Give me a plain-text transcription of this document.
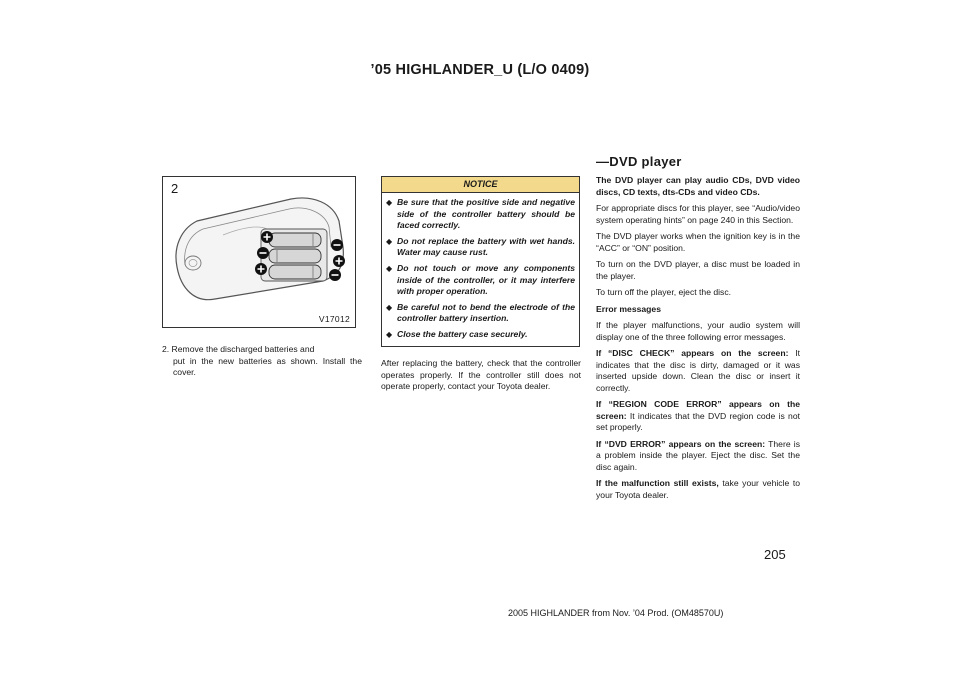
’05 HIGHLANDER_U (L/O 0409)
2
V17012
2. Remove the discharged batteries and
put in the new batteries as shown. Install the cover.
NOTICE
◆ Be sure that the positive side and negative side of the controller battery should be faced correctly.
◆ Do not replace the battery with wet hands. Water may cause rust.
◆ Do not touch or move any components inside of the controller, or it may interfere with proper operation.
◆ Be careful not to bend the electrode of the controller battery insertion.
◆ Close the battery case securely.
After replacing the battery, check that the controller operates properly. If the controller still does not operate properly, contact your Toyota dealer.
—DVD player

The DVD player can play audio CDs, DVD video discs, CD texts, dts-CDs and video CDs.

For appropriate discs for this player, see “Audio/video system operating hints” on page 240 in this Section.

The DVD player works when the ignition key is in the “ACC” or “ON” position.

To turn on the DVD player, a disc must be loaded in the player.

To turn off the player, eject the disc.

Error messages

If the player malfunctions, your audio system will display one of the three following error messages.

If “DISC CHECK” appears on the screen: It indicates that the disc is dirty, damaged or it was inserted upside down. Clean the disc or insert it correctly.

If “REGION CODE ERROR” appears on the screen: It indicates that the DVD region code is not set properly.

If “DVD ERROR” appears on the screen: There is a problem inside the player. Eject the disc. Set the disc again.

If the malfunction still exists, take your vehicle to your Toyota dealer.

205
2005 HIGHLANDER from Nov. ’04 Prod. (OM48570U)
